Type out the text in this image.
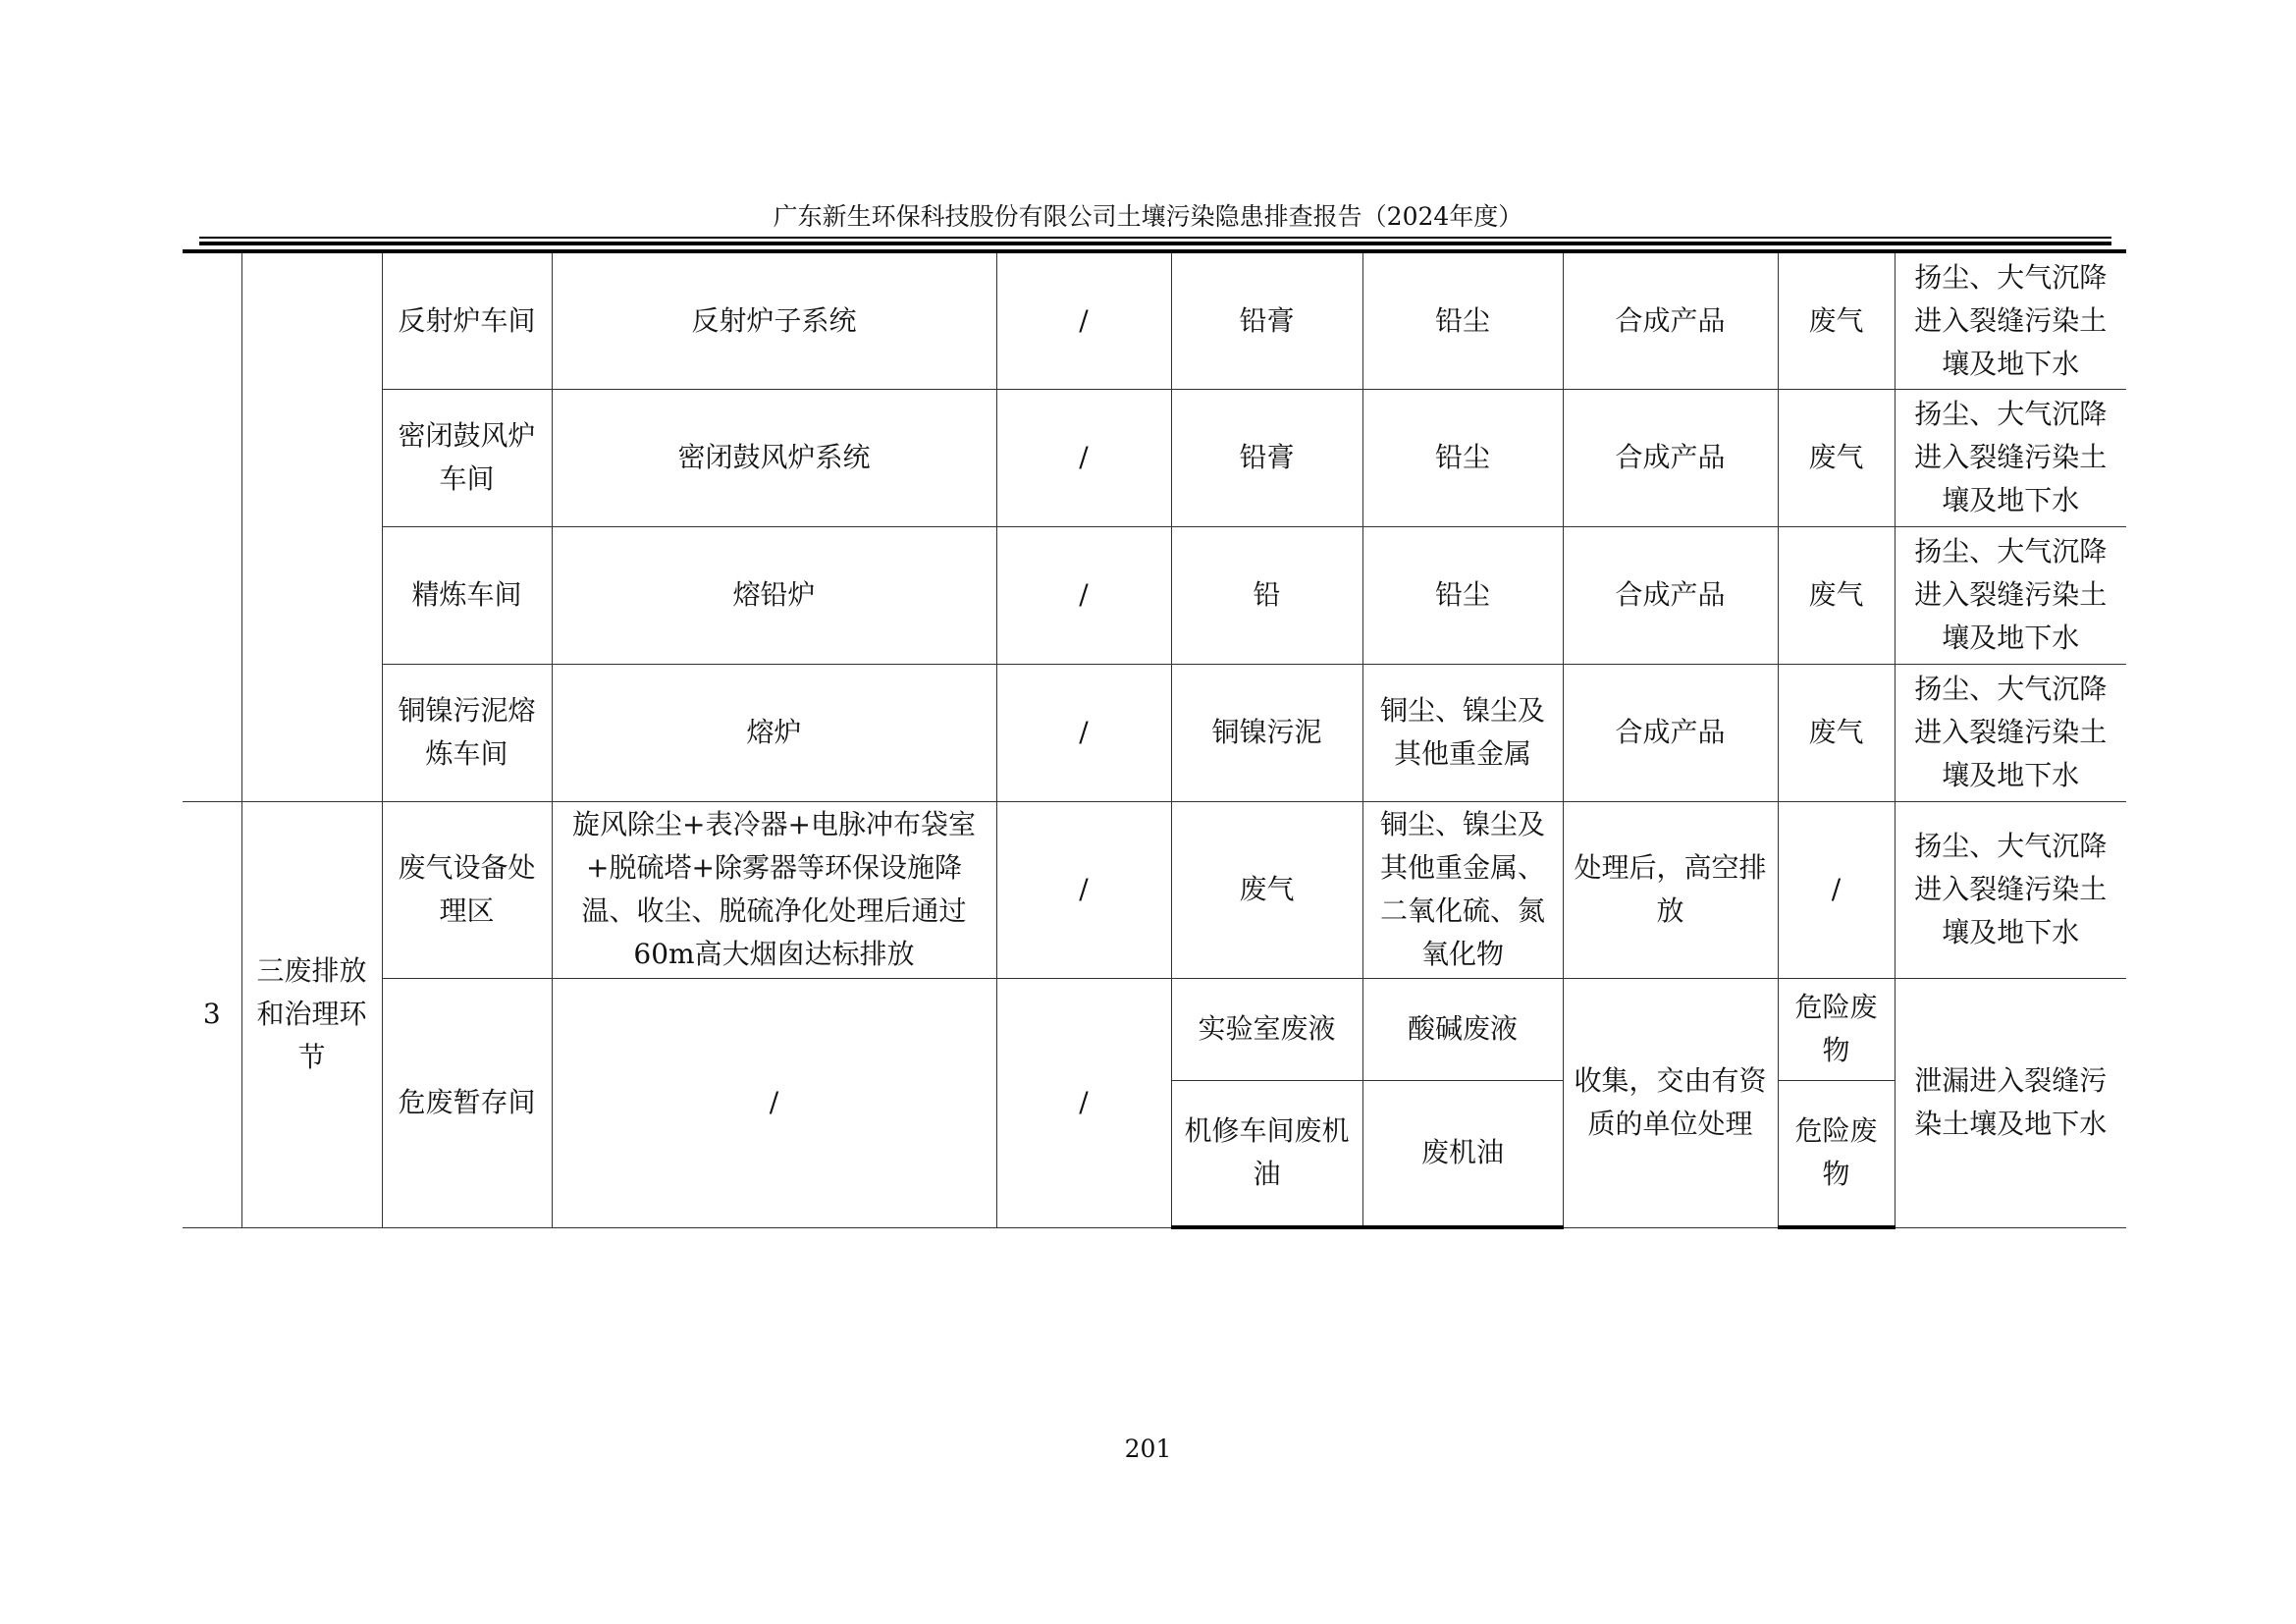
广东新生环保科技股份有限公司土壤污染隐患排查报告（2024年度）
		反射炉车间	反射炉子系统	/	铅膏	铅尘	合成产品	废气	扬尘、大气沉降进入裂缝污染土壤及地下水
		密闭鼓风炉车间	密闭鼓风炉系统	/	铅膏	铅尘	合成产品	废气	扬尘、大气沉降进入裂缝污染土壤及地下水
		精炼车间	熔铅炉	/	铅	铅尘	合成产品	废气	扬尘、大气沉降进入裂缝污染土壤及地下水
		铜镍污泥熔炼车间	熔炉	/	铜镍污泥	铜尘、镍尘及其他重金属	合成产品	废气	扬尘、大气沉降进入裂缝污染土壤及地下水
3	三废排放和治理环节	废气设备处理区	旋风除尘+表冷器+电脉冲布袋室+脱硫塔+除雾器等环保设施降温、收尘、脱硫净化处理后通过60m高大烟囱达标排放	/	废气	铜尘、镍尘及其他重金属、二氧化硫、氮氧化物	处理后，高空排放	/	扬尘、大气沉降进入裂缝污染土壤及地下水
		危废暂存间	/	/	实验室废液	酸碱废液	收集，交由有资质的单位处理	危险废物	泄漏进入裂缝污染土壤及地下水
					机修车间废机油	废机油		危险废物	
201
